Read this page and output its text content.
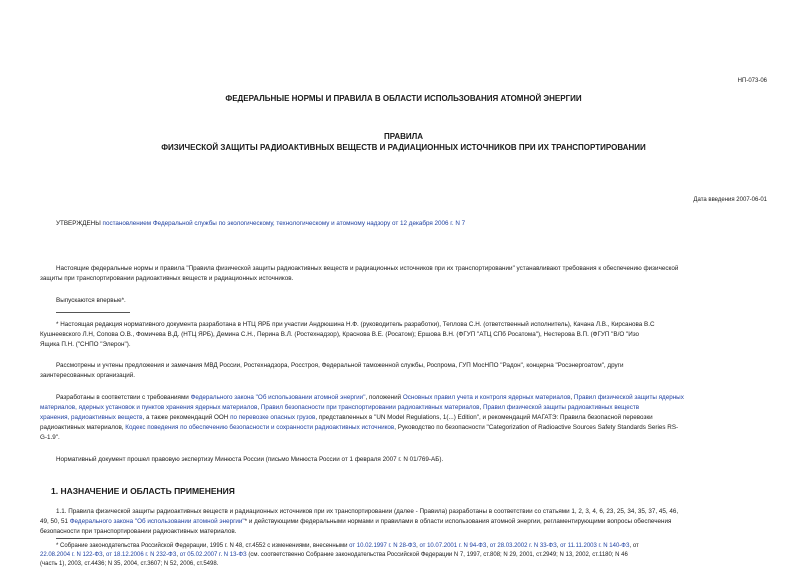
НП-073-06
ФЕДЕРАЛЬНЫЕ НОРМЫ И ПРАВИЛА В ОБЛАСТИ ИСПОЛЬЗОВАНИЯ АТОМНОЙ ЭНЕРГИИ
ПРАВИЛА
ФИЗИЧЕСКОЙ ЗАЩИТЫ РАДИОАКТИВНЫХ ВЕЩЕСТВ И РАДИАЦИОННЫХ ИСТОЧНИКОВ ПРИ ИХ ТРАНСПОРТИРОВАНИИ
Дата введения 2007-06-01
УТВЕРЖДЕНЫ постановлением Федеральной службы по экологическому, технологическому и атомному надзору от 12 декабря 2006 г. N 7
Настоящие федеральные нормы и правила "Правила физической защиты радиоактивных веществ и радиационных источников при их транспортировании" устанавливают требования к обеспечению физической
защиты при транспортировании радиоактивных веществ и радиационных источников.
Выпускаются впервые*.
* Настоящая редакция нормативного документа разработана в НТЦ ЯРБ при участии Андрюшина Н.Ф. (руководитель разработки), Теплова С.Н. (ответственный исполнитель), Качана Л.В., Кирсанова В.С
Кушнеевского Л.Н, Сопова О.В., Фомичева В.Д. (НТЦ ЯРБ), Демина С.Н., Перина В.Л. (Ростехнадзор), Краснова В.Е. (Росатом); Ершова В.Н. (ФГУП "АТЦ СПб Росатома"), Нестерова В.П. (ФГУП "В/О "Изо
Ящика П.Н. ("СНПО "Элерон").
Рассмотрены и учтены предложения и замечания МВД России, Ростехнадзора, Росстроя, Федеральной таможенной службы, Роспрома, ГУП МосНПО "Радон", концерна "Росэнергоатом", други
заинтересованных организаций.
Разработаны в соответствии с требованиями Федерального закона "Об использовании атомной энергии", положений Основных правил учета и контроля ядерных материалов, Правил физической защиты ядерных
материалов, ядерных установок и пунктов хранения ядерных материалов, Правил безопасности при транспортировании радиоактивных материалов, Правил физической защиты радиоактивных веществ
хранения, радиоактивных веществ, а также рекомендаций ООН по перевозке опасных грузов, представленных в "UN Model Regulations, 1(...) Edition", и рекомендаций МАГАТЭ: Правила безопасной перевозки
радиоактивных материалов, Кодекс поведения по обеспечению безопасности и сохранности радиоактивных источников, Руководство по безопасности "Categorization of Radioactive Sources Safety Standards Series RS-
G-1.9".
Нормативный документ прошел правовую экспертизу Минюста России (письмо Минюста России от 1 февраля 2007 г. N 01/769-АБ).
1. НАЗНАЧЕНИЕ И ОБЛАСТЬ ПРИМЕНЕНИЯ
1.1. Правила физической защиты радиоактивных веществ и радиационных источников при их транспортировании (далее - Правила) разработаны в соответствии со статьями 1, 2, 3, 4, 6, 23, 25, 34, 35, 37, 45, 46,
49, 50, 51 Федерального закона "Об использовании атомной энергии"* и действующими федеральными нормами и правилами в области использования атомной энергии, регламентирующими вопросы обеспечения
безопасности при транспортировании радиоактивных материалов.
* Собрание законодательства Российской Федерации, 1995 г. N 48, ст.4552 с изменениями, внесенными от 10.02.1997 г. N 28-ФЗ, от 10.07.2001 г. N 94-ФЗ, от 28.03.2002 г. N 33-ФЗ, от 11.11.2003 г. N 140-ФЗ, от
22.08.2004 г. N 122-ФЗ, от 18.12.2006 г. N 232-ФЗ, от 05.02.2007 г. N 13-ФЗ (см. соответственно Собрание законодательства Российской Федерации N 7, 1997, ст.808; N 29, 2001, ст.2949; N 13, 2002, ст.1180; N 46
(часть 1), 2003, ст.4436; N 35, 2004, ст.3607; N 52, 2006, ст.5498.
